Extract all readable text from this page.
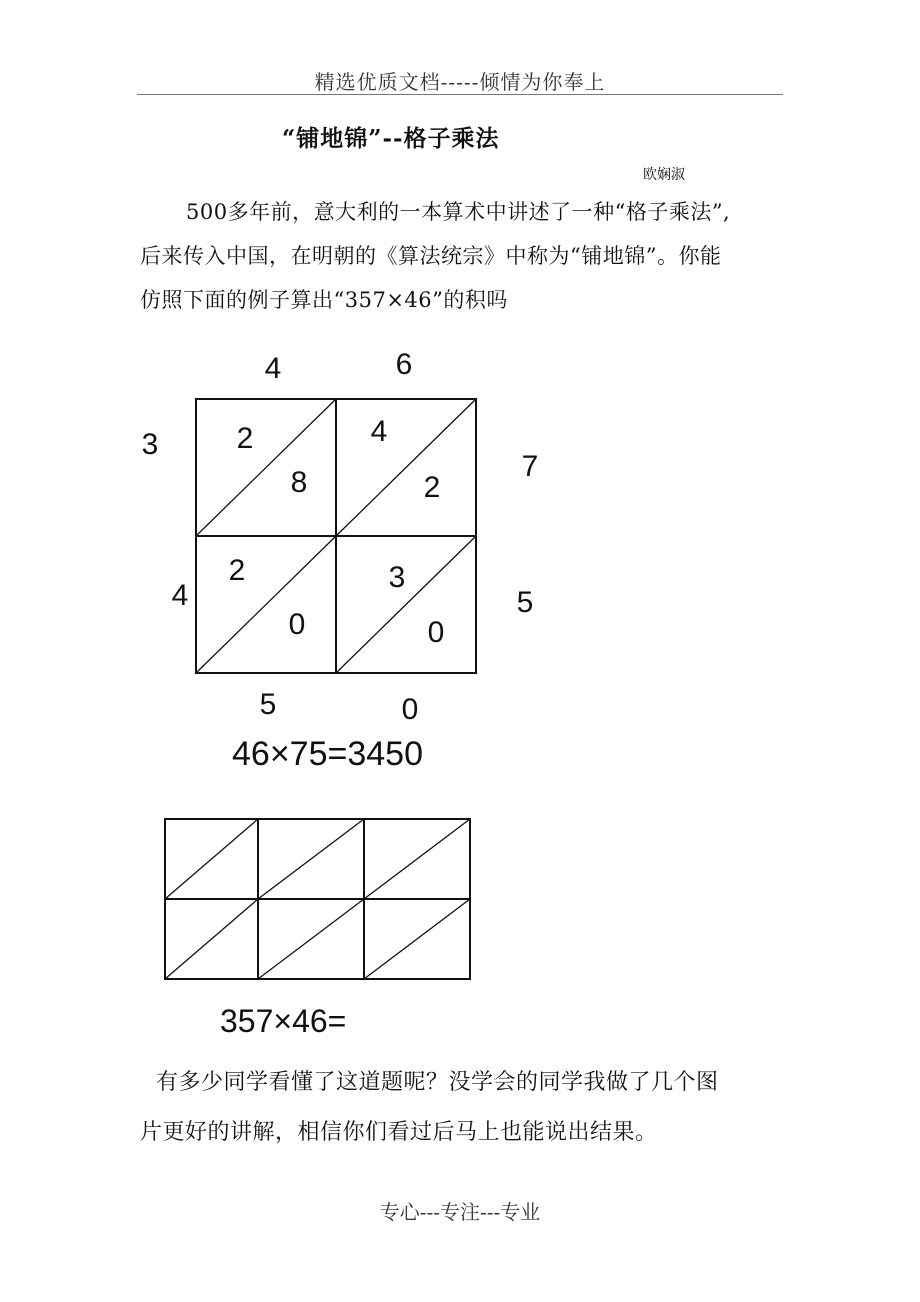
精选优质文档-----倾情为你奉上
“铺地锦”--格子乘法
欧娴淑

500多年前，意大利的一本算术中讲述了一种“格子乘法”,
后来传入中国，在明朝的《算法统宗》中称为“铺地锦”。你能
仿照下面的例子算出“357×46”的积吗

4	6
3
4
7
5
2
8
4
2
2
0
3
0
5	0
46×75=3450
357×46=

有多少同学看懂了这道题呢？没学会的同学我做了几个图
片更好的讲解，相信你们看过后马上也能说出结果。

专心---专注---专业
